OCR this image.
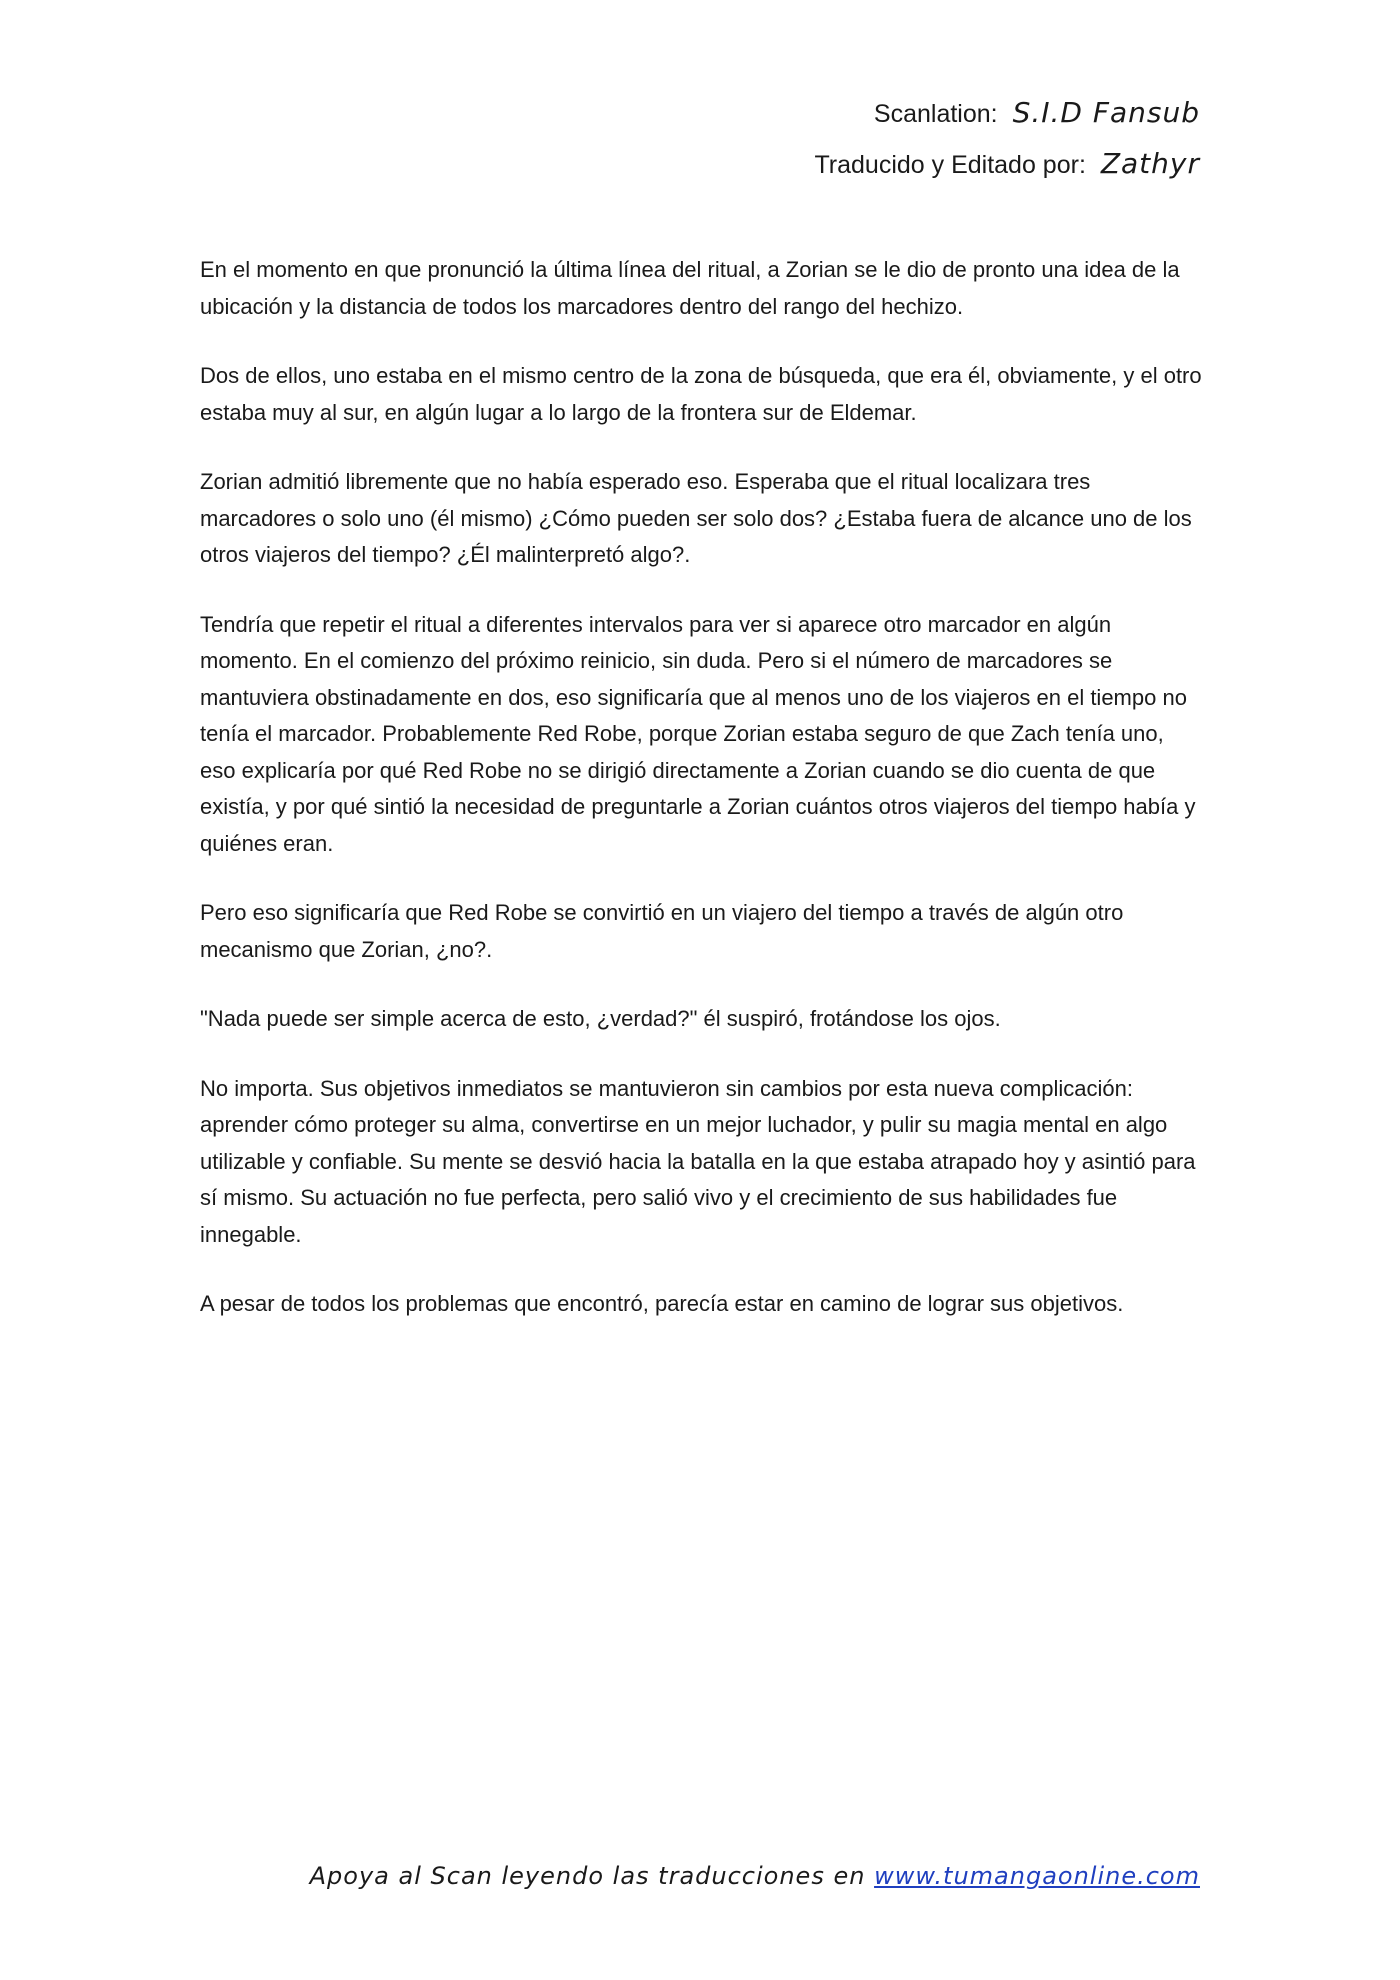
Scanlation: S.I.D Fansub
Traducido y Editado por: Zathyr

En el momento en que pronunció la última línea del ritual, a Zorian se le dio de pronto una idea de la ubicación y la distancia de todos los marcadores dentro del rango del hechizo.

Dos de ellos, uno estaba en el mismo centro de la zona de búsqueda, que era él, obviamente, y el otro estaba muy al sur, en algún lugar a lo largo de la frontera sur de Eldemar.

Zorian admitió libremente que no había esperado eso. Esperaba que el ritual localizara tres marcadores o solo uno (él mismo) ¿Cómo pueden ser solo dos? ¿Estaba fuera de alcance uno de los otros viajeros del tiempo? ¿Él malinterpretó algo?.

Tendría que repetir el ritual a diferentes intervalos para ver si aparece otro marcador en algún momento. En el comienzo del próximo reinicio, sin duda. Pero si el número de marcadores se mantuviera obstinadamente en dos, eso significaría que al menos uno de los viajeros en el tiempo no tenía el marcador. Probablemente Red Robe, porque Zorian estaba seguro de que Zach tenía uno, eso explicaría por qué Red Robe no se dirigió directamente a Zorian cuando se dio cuenta de que existía, y por qué sintió la necesidad de preguntarle a Zorian cuántos otros viajeros del tiempo había y quiénes eran.

Pero eso significaría que Red Robe se convirtió en un viajero del tiempo a través de algún otro mecanismo que Zorian, ¿no?.

"Nada puede ser simple acerca de esto, ¿verdad?" él suspiró, frotándose los ojos.

No importa. Sus objetivos inmediatos se mantuvieron sin cambios por esta nueva complicación: aprender cómo proteger su alma, convertirse en un mejor luchador, y pulir su magia mental en algo utilizable y confiable. Su mente se desvió hacia la batalla en la que estaba atrapado hoy y asintió para sí mismo. Su actuación no fue perfecta, pero salió vivo y el crecimiento de sus habilidades fue innegable.

A pesar de todos los problemas que encontró, parecía estar en camino de lograr sus objetivos.

Apoya al Scan leyendo las traducciones en www.tumangaonline.com
